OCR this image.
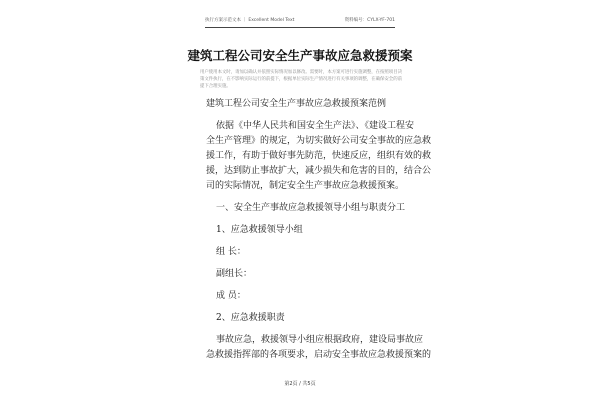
执行方案示范文本 ｜ Excellent Model Text	资料编号：CYLX-YF-701
建筑工程公司安全生产事故应急救援预案
用户使用本文时，请加以确认并依照实际情况加以修改。需要时，本方案可进行实施调整，在按照项目决策文件执行，在不影响实际运行的前提下，根据单位实际生产情况进行有关事项的调整，在确保安全的前提下合理实施。

建筑工程公司安全生产事故应急救援预案范例

依据《中华人民共和国安全生产法》、《建设工程安

全生产管理》的规定，为切实做好公司安全事故的应急救

援工作，有助于做好事先防范，快速反应，组织有效的救

援，达到防止事故扩大，减少损失和危害的目的，结合公

司的实际情况，制定安全生产事故应急救援预案。

一、安全生产事故应急救援领导小组与职责分工

1、应急救援领导小组

组 长：

副组长：

成 员：

2、应急救援职责

事故应急，救援领导小组应根据政府，建设局事故应

急救援指挥部的各项要求，启动安全事故应急救援预案的

第2页 / 共5页
